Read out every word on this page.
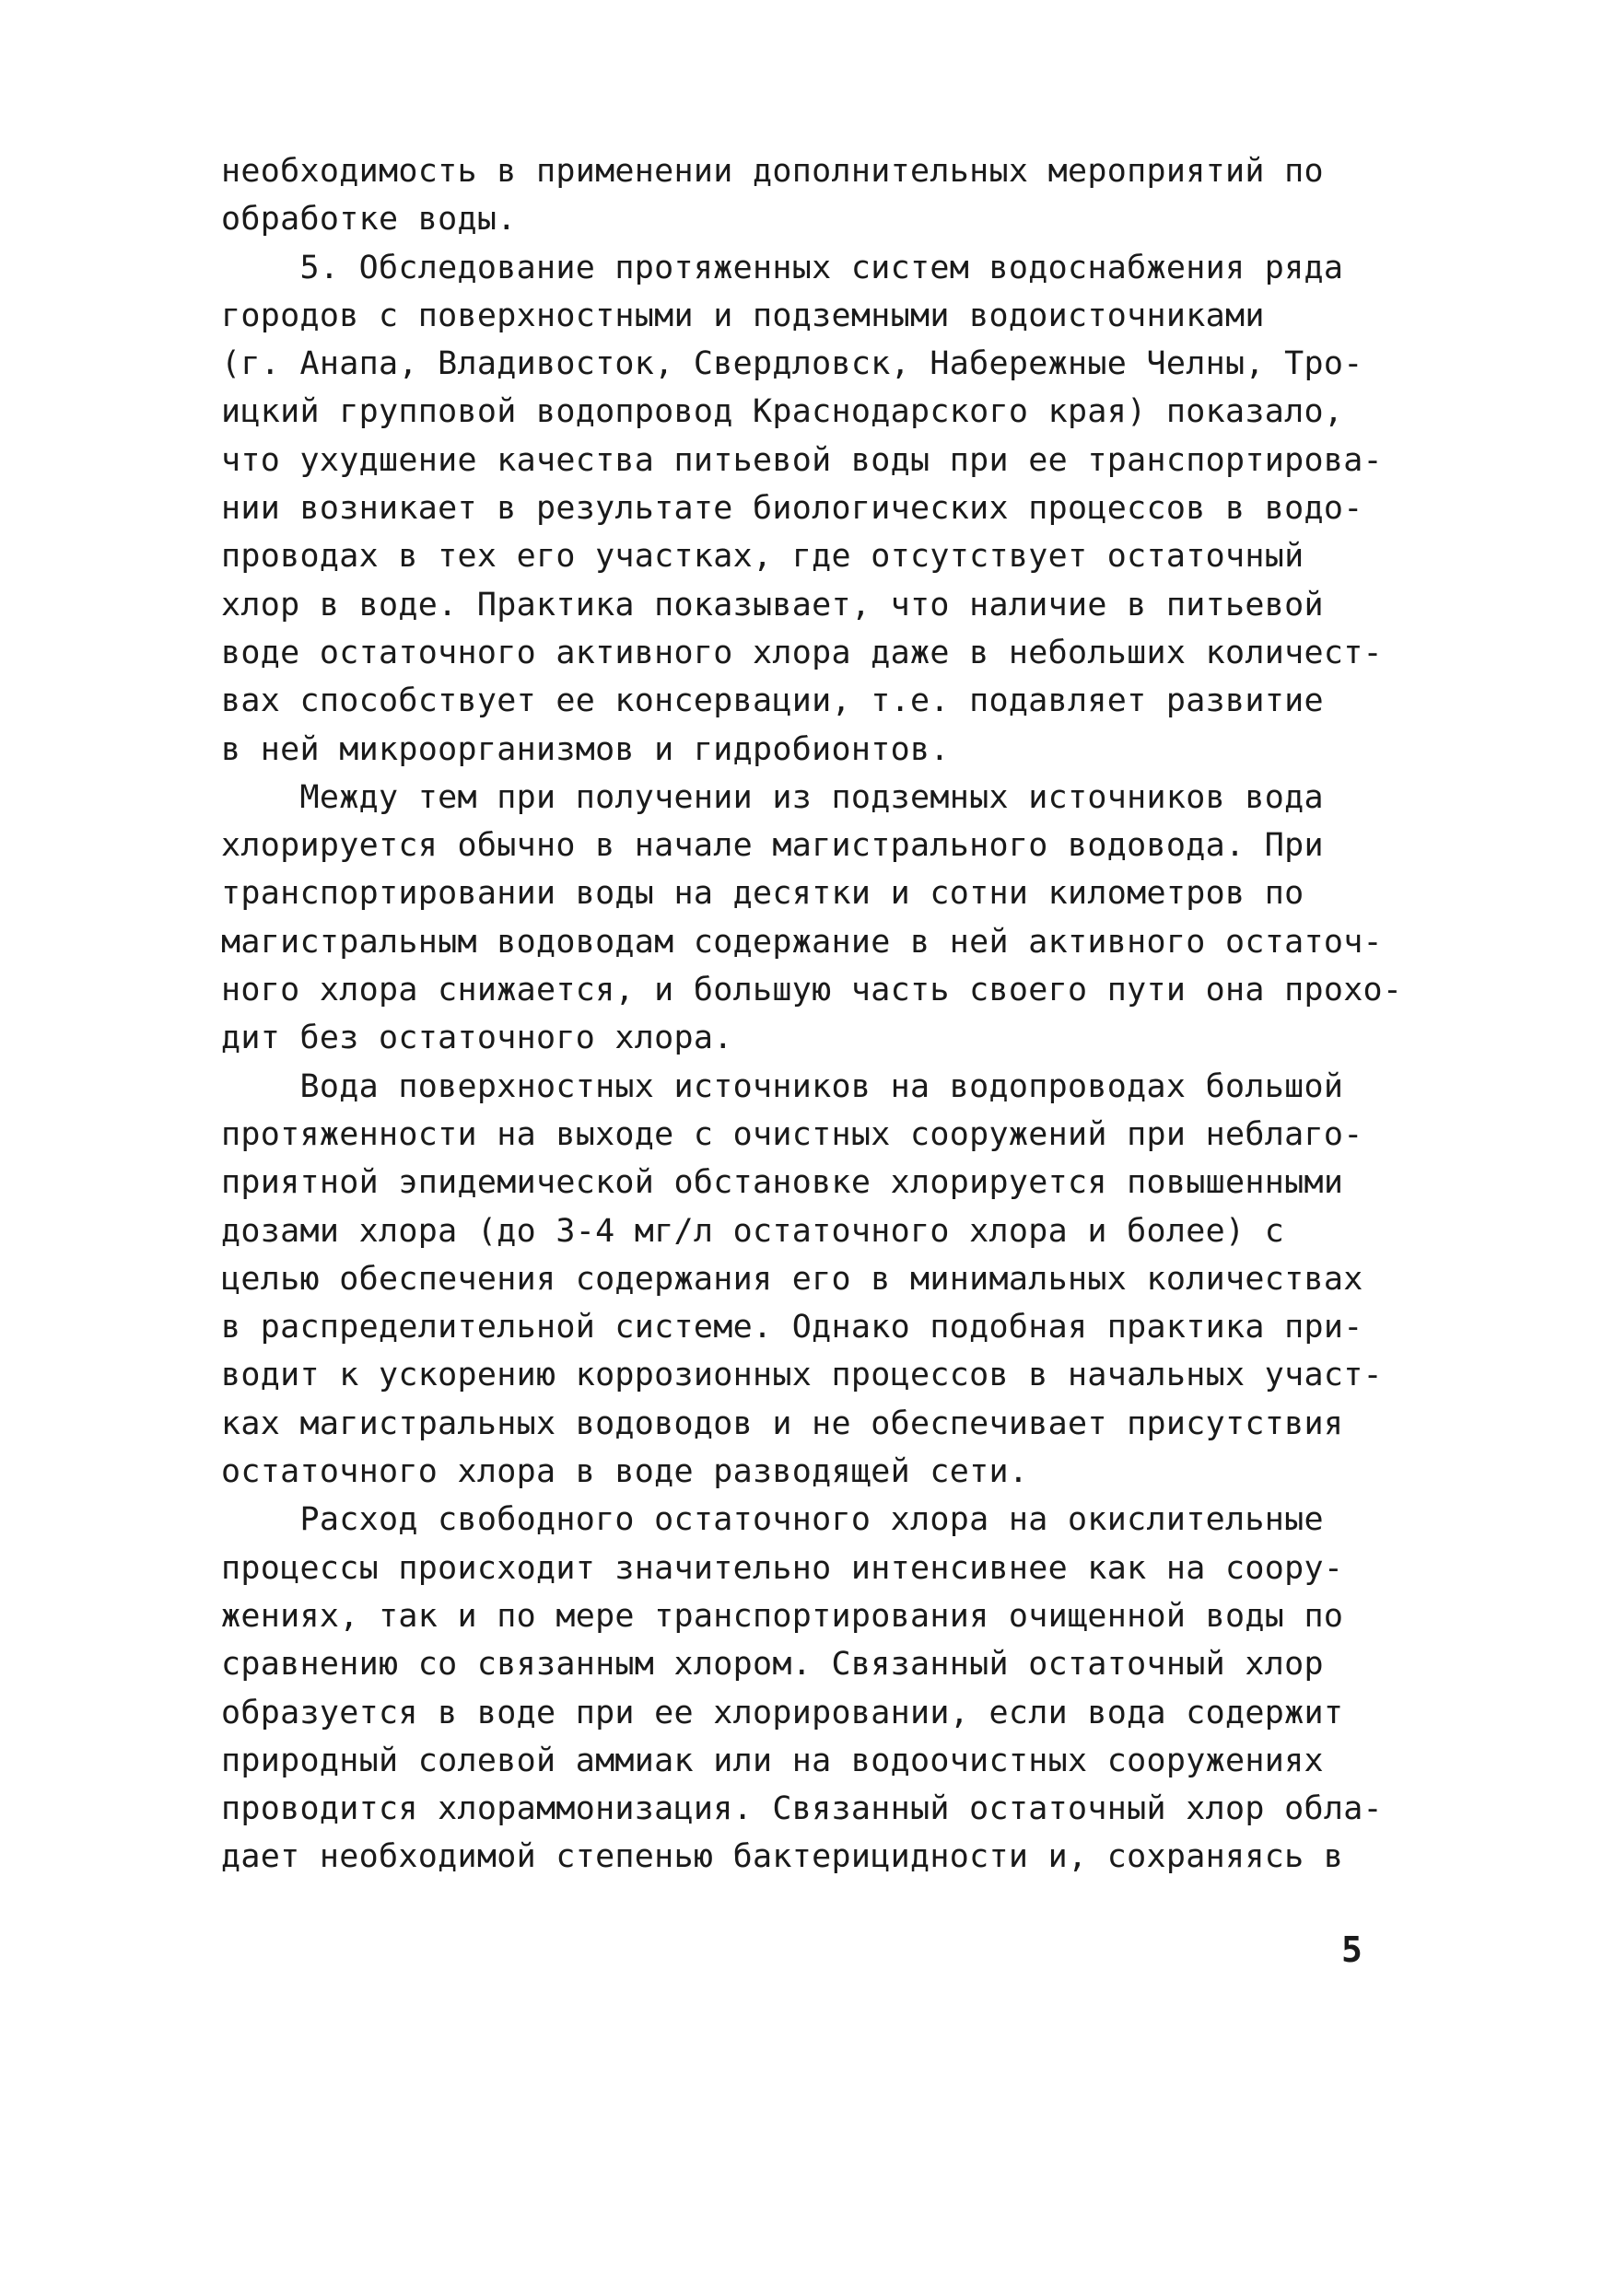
необходимость в применении дополнительных мероприятий по
обработке воды.
5. Обследование протяженных систем водоснабжения ряда
городов с поверхностными и подземными водоисточниками
(г. Анапа, Владивосток, Свердловск, Набережные Челны, Тро-
ицкий групповой водопровод Краснодарского края) показало,
что ухудшение качества питьевой воды при ее транспортирова-
нии возникает в результате биологических процессов в водо-
проводах в тех его участках, где отсутствует остаточный
хлор в воде. Практика показывает, что наличие в питьевой
воде остаточного активного хлора даже в небольших количест-
вах способствует ее консервации, т.е. подавляет развитие
в ней микроорганизмов и гидробионтов.
Между тем при получении из подземных источников вода
хлорируется обычно в начале магистрального водовода. При
транспортировании воды на десятки и сотни километров по
магистральным водоводам содержание в ней активного остаточ-
ного хлора снижается, и большую часть своего пути она прохо-
дит без остаточного хлора.
Вода поверхностных источников на водопроводах большой
протяженности на выходе с очистных сооружений при неблаго-
приятной эпидемической обстановке хлорируется повышенными
дозами хлора (до 3-4 мг/л остаточного хлора и более) с
целью обеспечения содержания его в минимальных количествах
в распределительной системе. Однако подобная практика при-
водит к ускорению коррозионных процессов в начальных участ-
ках магистральных водоводов и не обеспечивает присутствия
остаточного хлора в воде разводящей сети.
Расход свободного остаточного хлора на окислительные
процессы происходит значительно интенсивнее как на соору-
жениях, так и по мере транспортирования очищенной воды по
сравнению со связанным хлором. Связанный остаточный хлор
образуется в воде при ее хлорировании, если вода содержит
природный солевой аммиак или на водоочистных сооружениях
проводится хлораммонизация. Связанный остаточный хлор обла-
дает необходимой степенью бактерицидности и, сохраняясь в
5
